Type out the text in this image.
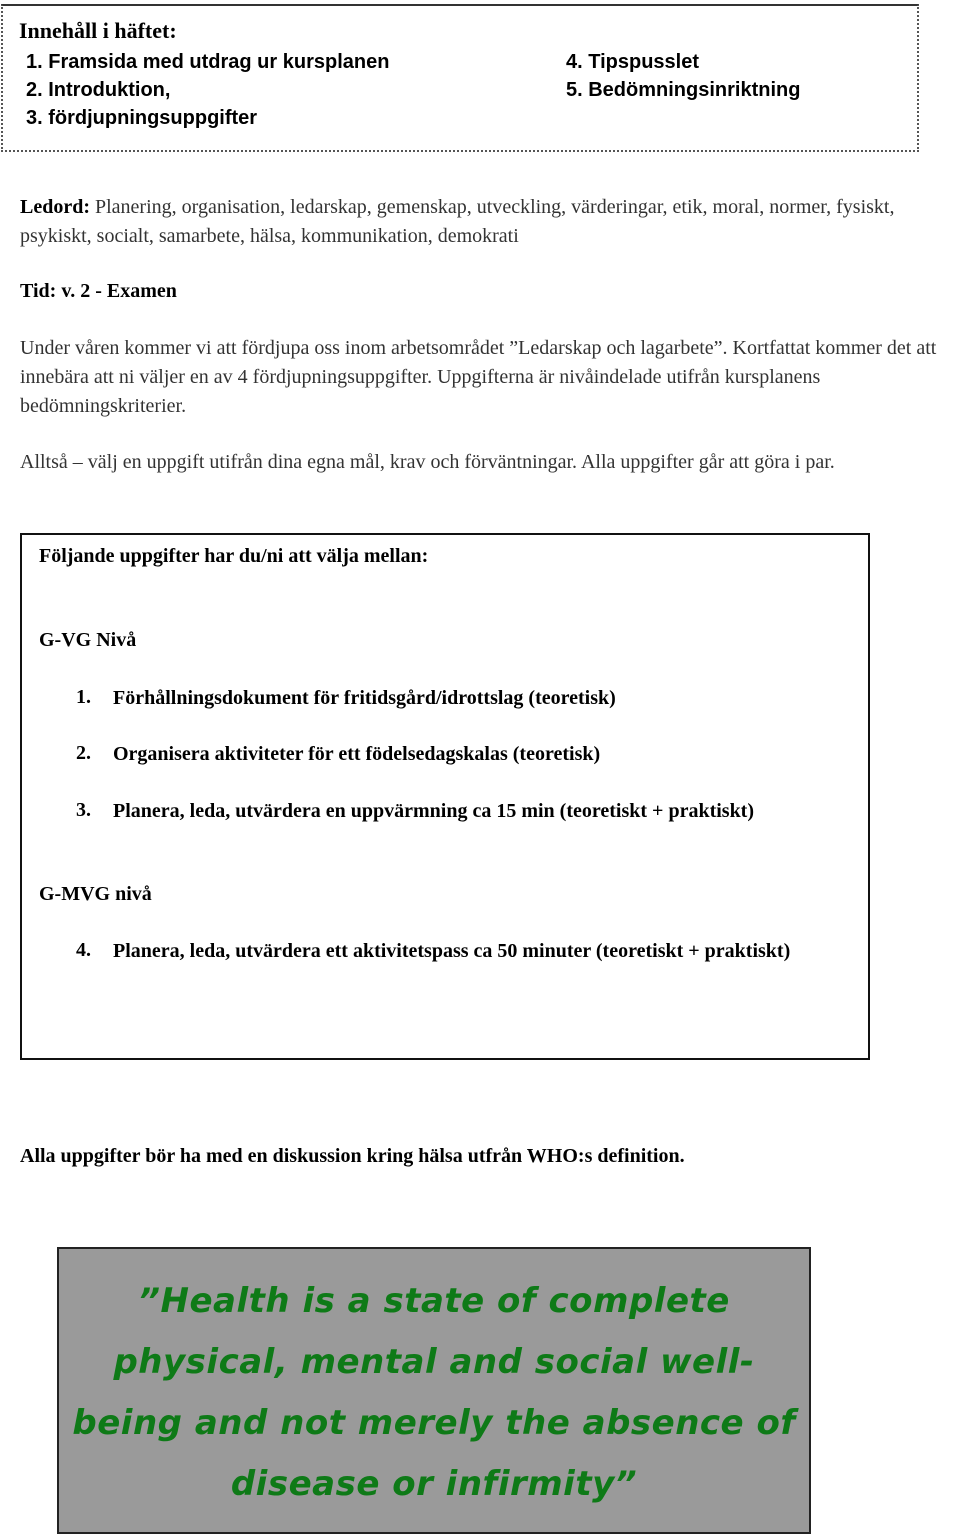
Innehåll i häftet:
1. Framsida med utdrag ur kursplanen
2. Introduktion,
3. fördjupningsuppgifter
4. Tipspusslet
5. Bedömningsinriktning
Ledord: Planering, organisation, ledarskap, gemenskap, utveckling, värderingar, etik, moral, normer, fysiskt, psykiskt, socialt, samarbete, hälsa, kommunikation, demokrati
Tid: v. 2 - Examen
Under våren kommer vi att fördjupa oss inom arbetsområdet ”Ledarskap och lagarbete”. Kortfattat kommer det att innebära att ni väljer en av 4 fördjupningsuppgifter. Uppgifterna är nivåindelade utifrån kursplanens bedömningskriterier.
Alltså – välj en uppgift utifrån dina egna mål, krav och förväntningar. Alla uppgifter går att göra i par.
Följande uppgifter har du/ni att välja mellan:
G-VG Nivå
1. Förhållningsdokument för fritidsgård/idrottslag (teoretisk)
2. Organisera aktiviteter för ett födelsedagskalas (teoretisk)
3. Planera, leda, utvärdera en uppvärmning ca 15 min (teoretiskt + praktiskt)
G-MVG nivå
4. Planera, leda, utvärdera ett aktivitetspass ca 50 minuter (teoretiskt + praktiskt)
Alla uppgifter bör ha med en diskussion kring hälsa utfrån WHO:s definition.
”Health is a state of complete physical, mental and social well-being and not merely the absence of disease or infirmity”
